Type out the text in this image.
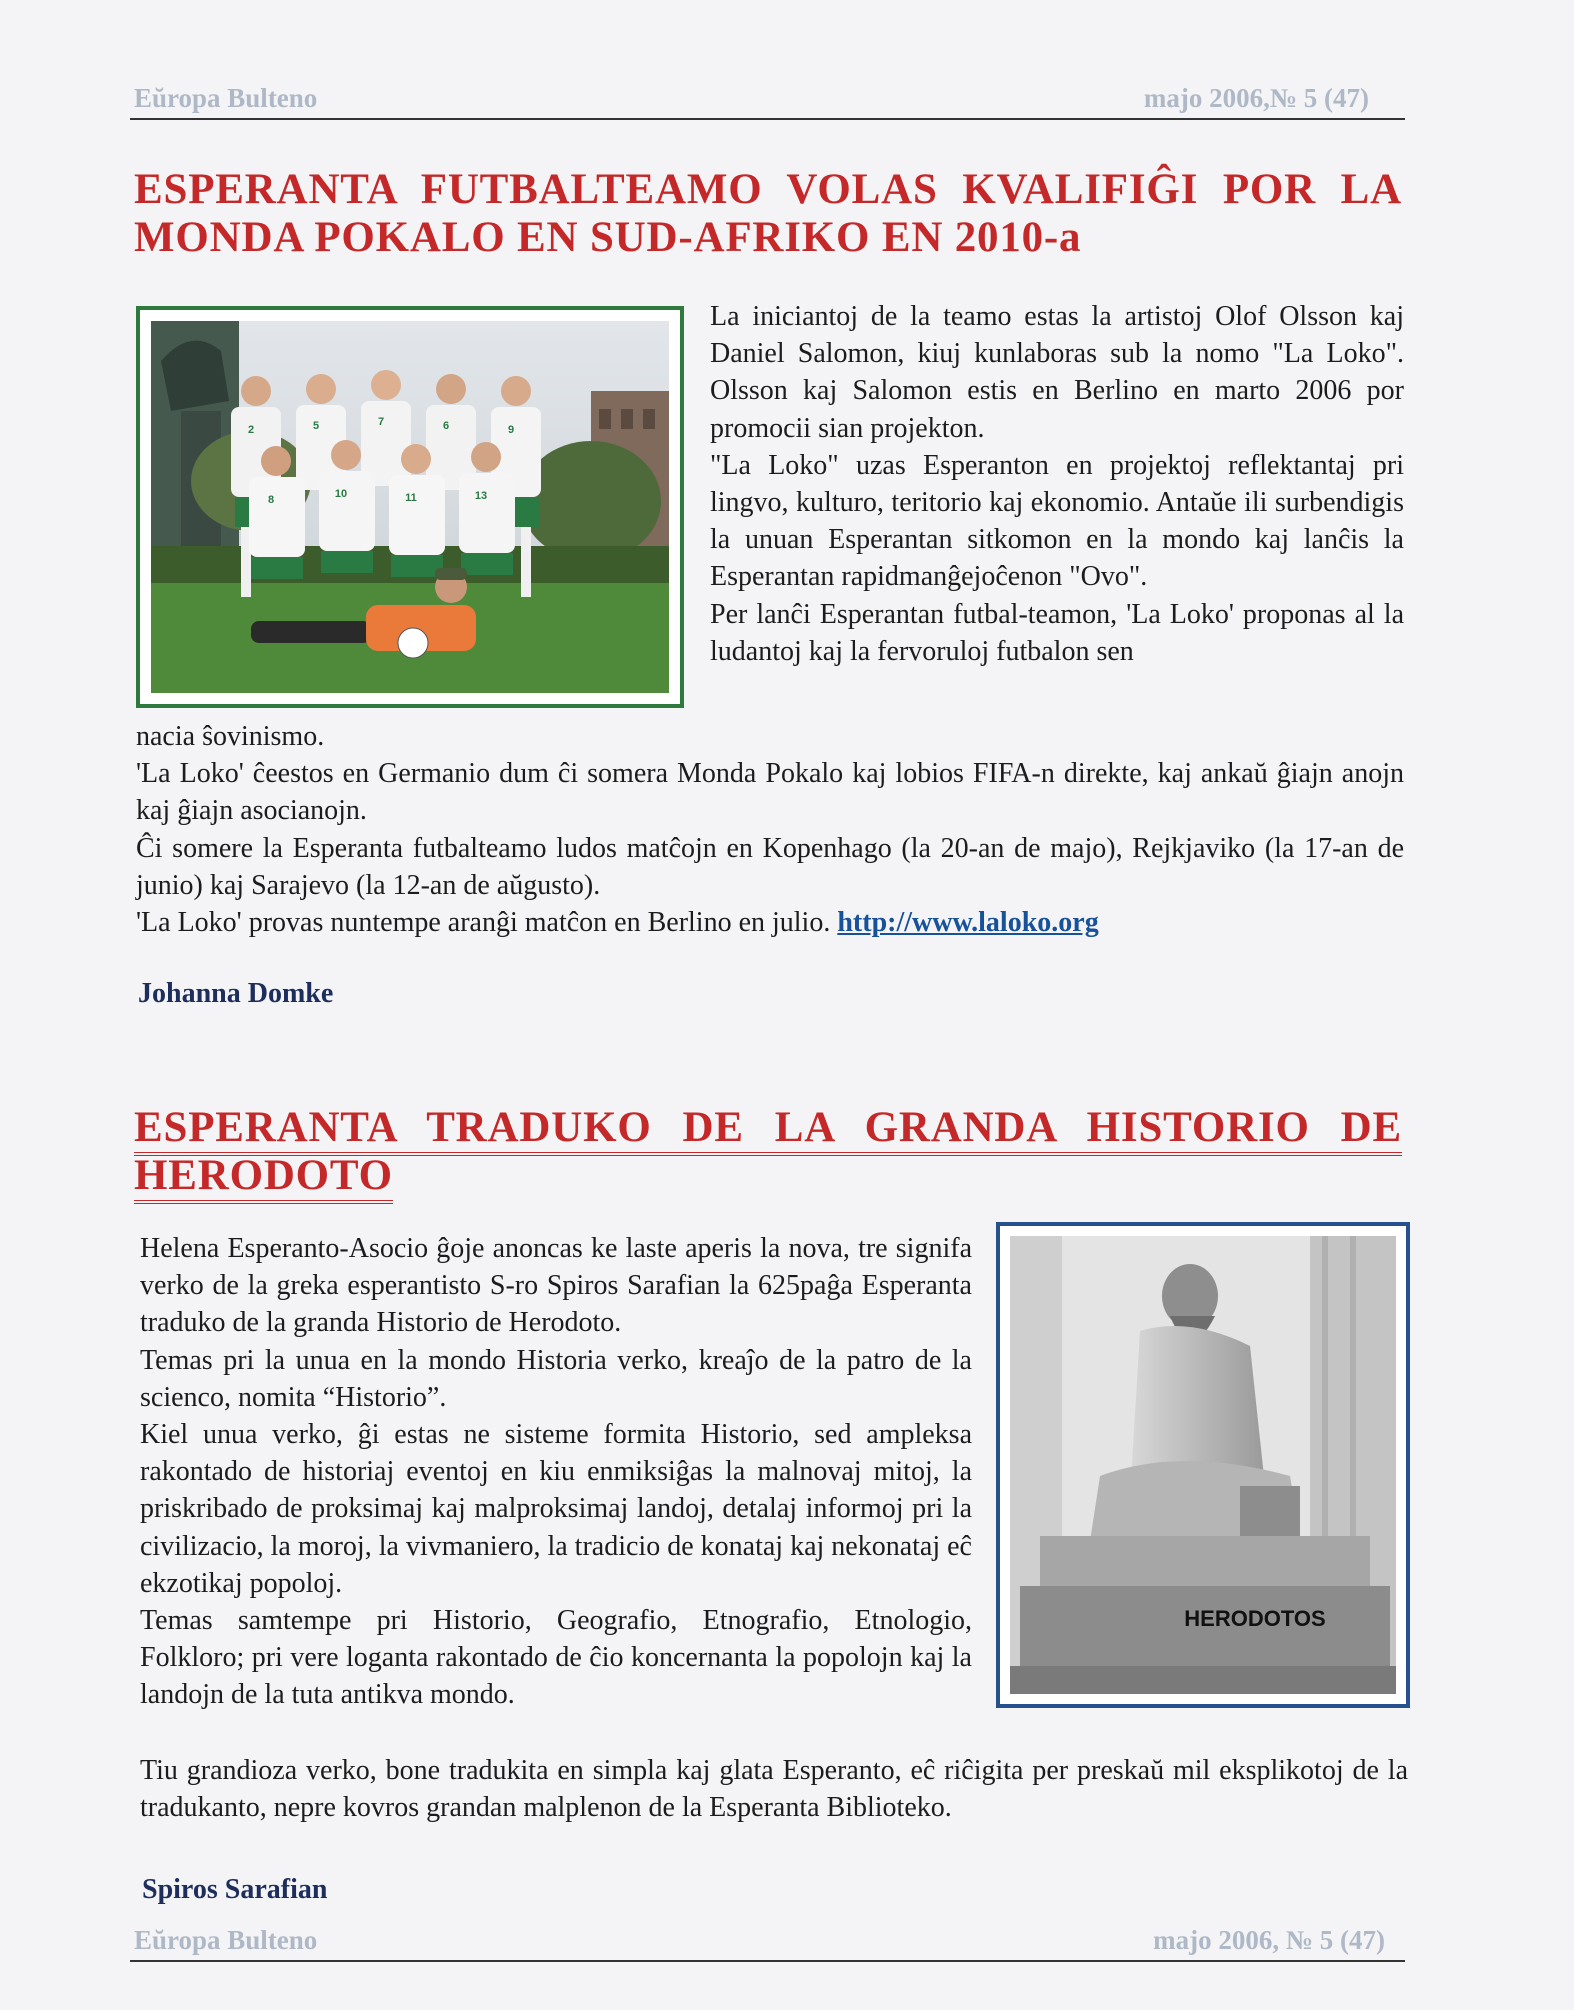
Eŭropa Bulteno	majo 2006,№ 5 (47)
ESPERANTA FUTBALTEAMO VOLAS KVALIFIĜI POR LA MONDA POKALO EN SUD-AFRIKO EN 2010-a
2	5	7	6	9
8	10	11	13

La iniciantoj de la teamo estas la artistoj Olof Olsson kaj Daniel Salomon, kiuj kunlaboras sub la nomo "La Loko". Olsson kaj Salomon estis en Berlino en marto 2006 por promocii sian projekton.

"La Loko" uzas Esperanton en projektoj reflektantaj pri lingvo, kulturo, teritorio kaj ekonomio. Antaŭe ili surbendigis la unuan Esperantan sitkomon en la mondo kaj lanĉis la Esperantan rapidmanĝejoĉenon "Ovo".

Per lanĉi Esperantan futbal-teamon, 'La Loko' proponas al la ludantoj kaj la fervoruloj futbalon sen

nacia ŝovinismo.

'La Loko' ĉeestos en Germanio dum ĉi somera Monda Pokalo kaj lobios FIFA-n direkte, kaj ankaŭ ĝiajn anojn kaj ĝiajn asocianojn.

Ĉi somere la Esperanta futbalteamo ludos matĉojn en Kopenhago (la 20-an de majo), Rejkjaviko (la 17-an de junio) kaj Sarajevo (la 12-an de aŭgusto).

'La Loko' provas nuntempe aranĝi matĉon en Berlino en julio. http://www.laloko.org

Johanna Domke

ESPERANTA TRADUKO DE LA GRANDA HISTORIO DE HERODOTO

Helena Esperanto-Asocio ĝoje anoncas ke laste aperis la nova, tre signifa verko de la greka esperantisto S-ro Spiros Sarafian la 625paĝa Esperanta traduko de la granda Historio de Herodoto.

Temas pri la unua en la mondo Historia verko, kreaĵo de la patro de la scienco, nomita “Historio”.

Kiel unua verko, ĝi estas ne sisteme formita Historio, sed ampleksa rakontado de historiaj eventoj en kiu enmiksiĝas la malnovaj mitoj, la priskribado de proksimaj kaj malproksimaj landoj, detalaj informoj pri la civilizacio, la moroj, la vivmaniero, la tradicio de konataj kaj nekonataj eĉ ekzotikaj popoloj.

Temas samtempe pri Historio, Geografio, Etnografio, Etnologio, Folkloro; pri vere loganta rakontado de ĉio koncernanta la popolojn kaj la landojn de la tuta antikva mondo.

HERODOTOS

Tiu grandioza verko, bone tradukita en simpla kaj glata Esperanto, eĉ riĉigita per preskaŭ mil eksplikotoj de la tradukanto, nepre kovros grandan malplenon de la Esperanta Biblioteko.

Spiros Sarafian

Eŭropa Bulteno	majo 2006, № 5 (47)
